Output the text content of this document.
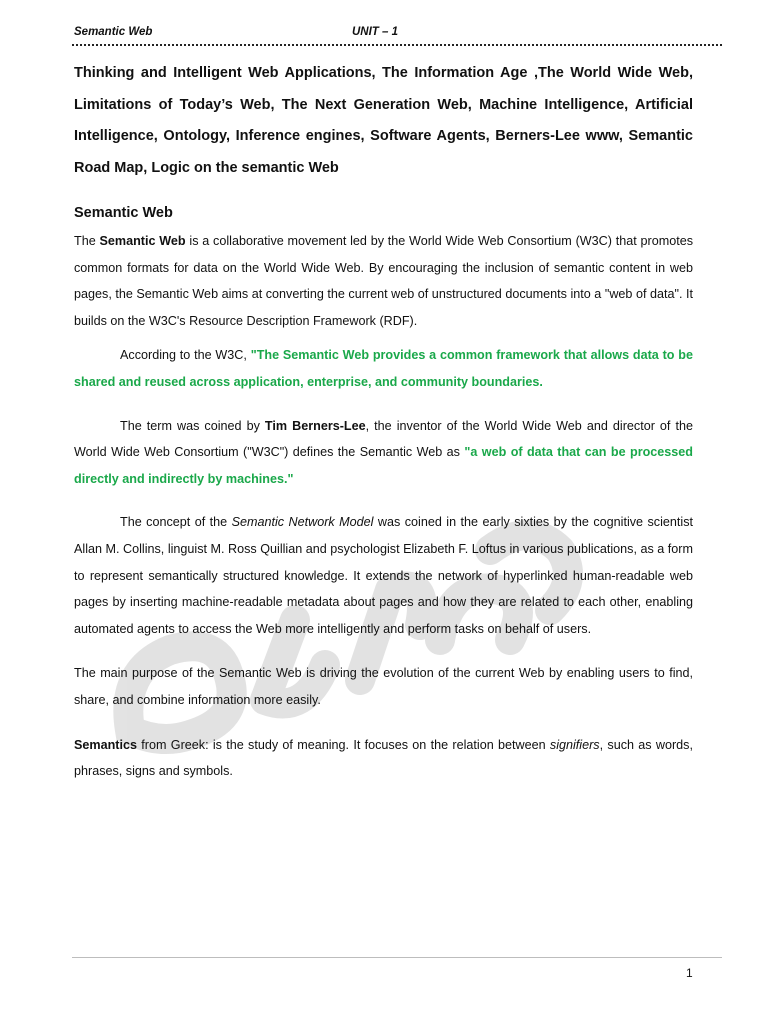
Semantic Web	UNIT – 1
Thinking and Intelligent Web Applications, The Information Age ,The World Wide Web, Limitations of Today’s Web, The Next Generation Web, Machine Intelligence, Artificial Intelligence, Ontology, Inference engines, Software Agents, Berners-Lee www, Semantic Road Map, Logic on the semantic Web
Semantic Web

The Semantic Web is a collaborative movement led by the World Wide Web Consortium (W3C) that promotes common formats for data on the World Wide Web. By encouraging the inclusion of semantic content in web pages, the Semantic Web aims at converting the current web of unstructured documents into a "web of data". It builds on the W3C's Resource Description Framework (RDF).

According to the W3C, "The Semantic Web provides a common framework that allows data to be shared and reused across application, enterprise, and community boundaries.

The term was coined by Tim Berners-Lee, the inventor of the World Wide Web and director of the World Wide Web Consortium ("W3C") defines the Semantic Web as "a web of data that can be processed directly and indirectly by machines."

The concept of the Semantic Network Model was coined in the early sixties by the cognitive scientist Allan M. Collins, linguist M. Ross Quillian and psychologist Elizabeth F. Loftus in various publications, as a form to represent semantically structured knowledge. It extends the network of hyperlinked human-readable web pages by inserting machine-readable metadata about pages and how they are related to each other, enabling automated agents to access the Web more intelligently and perform tasks on behalf of users.

The main purpose of the Semantic Web is driving the evolution of the current Web by enabling users to find, share, and combine information more easily.

Semantics from Greek: is the study of meaning. It focuses on the relation between signifiers, such as words, phrases, signs and symbols.

1
